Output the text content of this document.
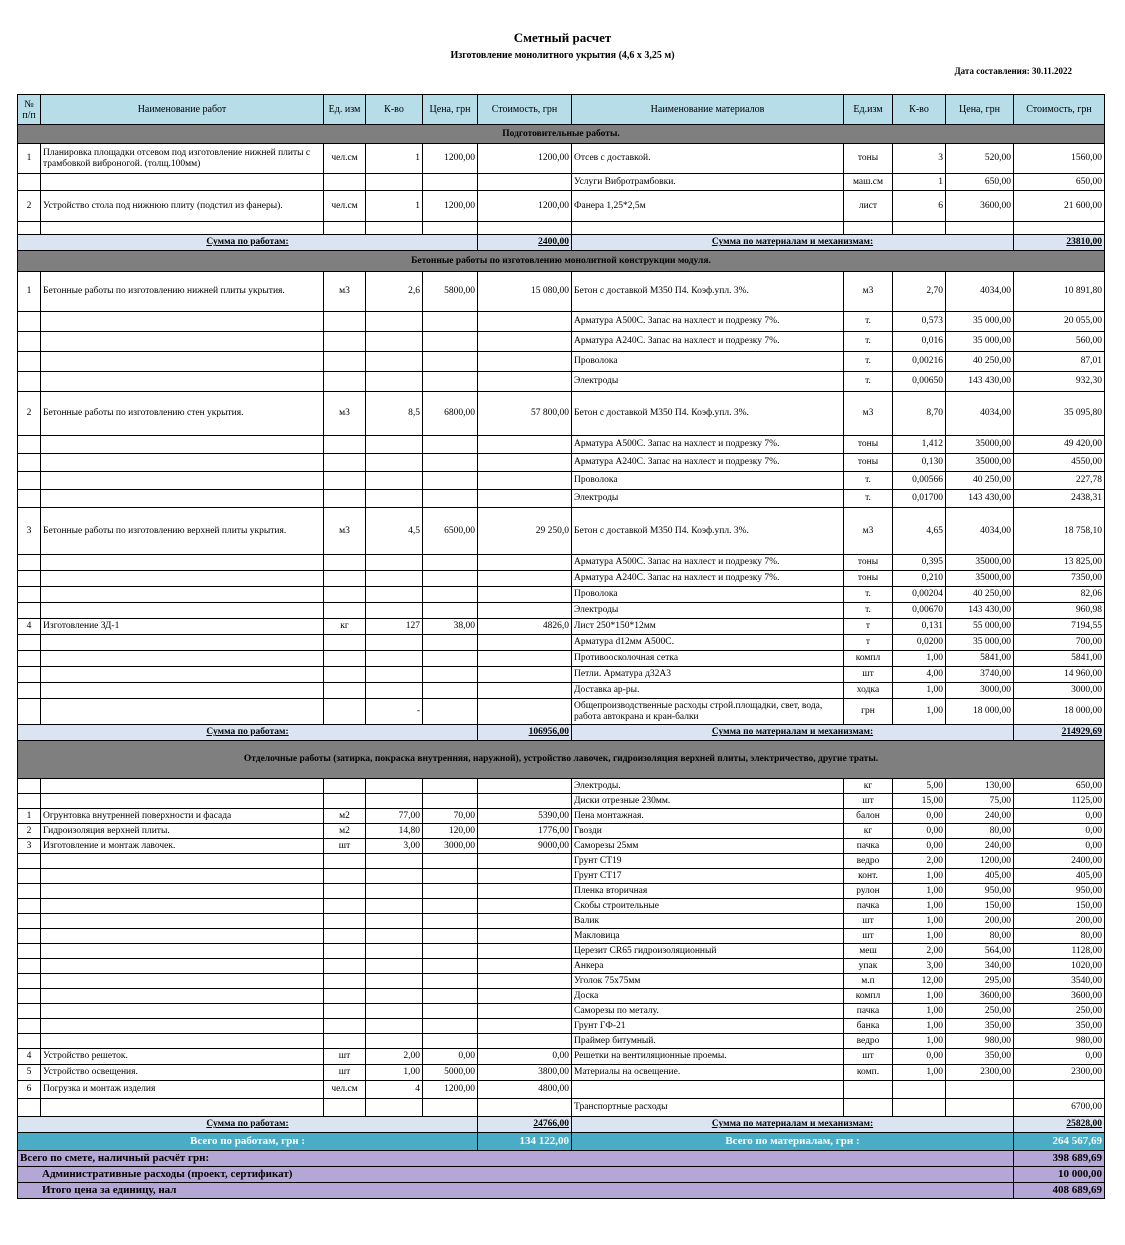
Сметный расчет
Изготовление монолитного укрытия (4,6 х 3,25 м)
Дата составления: 30.11.2022
№ п/п	Наименование работ	Ед. изм	К-во	Цена, грн	Стоимость, грн	Наименование материалов	Ед.изм	К-во	Цена, грн	Стоимость, грн
Подготовительные работы.										
1	Планировка площадки отсевом под изготовление нижней плиты с трамбовкой виброногой. (толщ.100мм)	чел.см	1	1200,00	1200,00	Отсев с доставкой.	тоны	3	520,00	1560,00
						Услуги Вибротрамбовки.	маш.см	1	650,00	650,00
2	Устройство стола под нижнюю плиту (подстил из фанеры).	чел.см	1	1200,00	1200,00	Фанера 1,25*2,5м	лист	6	3600,00	21 600,00

Сумма по работам:					2400,00	Сумма по материалам и механизмам:				23810,00
Бетонные работы по изготовлению монолитной конструкции модуля.										
1	Бетонные работы по изготовлению нижней плиты укрытия.	м3	2,6	5800,00	15 080,00	Бетон с доставкой М350 П4. Коэф.упл. 3%.	м3	2,70	4034,00	10 891,80
						Арматура А500С. Запас на нахлест и подрезку 7%.	т.	0,573	35 000,00	20 055,00
						Арматура А240С. Запас на нахлест и подрезку 7%.	т.	0,016	35 000,00	560,00
						Проволока	т.	0,00216	40 250,00	87,01
						Электроды	т.	0,00650	143 430,00	932,30
2	Бетонные работы по изготовлению стен укрытия.	м3	8,5	6800,00	57 800,00	Бетон с доставкой М350 П4. Коэф.упл. 3%.	м3	8,70	4034,00	35 095,80
						Арматура А500С. Запас на нахлест и подрезку 7%.	тоны	1,412	35000,00	49 420,00
						Арматура А240С. Запас на нахлест и подрезку 7%.	тоны	0,130	35000,00	4550,00
						Проволока	т.	0,00566	40 250,00	227,78
						Электроды	т.	0,01700	143 430,00	2438,31
3	Бетонные работы по изготовлению верхней плиты укрытия.	м3	4,5	6500,00	29 250,0	Бетон с доставкой М350 П4. Коэф.упл. 3%.	м3	4,65	4034,00	18 758,10
						Арматура А500С. Запас на нахлест и подрезку 7%.	тоны	0,395	35000,00	13 825,00
						Арматура А240С. Запас на нахлест и подрезку 7%.	тоны	0,210	35000,00	7350,00
						Проволока	т.	0,00204	40 250,00	82,06
						Электроды	т.	0,00670	143 430,00	960,98
4	Изготовление ЗД-1	кг	127	38,00	4826,0	Лист 250*150*12мм	т	0,131	55 000,00	7194,55
						Арматура d12мм А500С.	т	0,0200	35 000,00	700,00
						Противоосколочная сетка	компл	1,00	5841,00	5841,00
						Петли. Арматура д32А3	шт	4,00	3740,00	14 960,00
						Доставка ар-ры.	ходка	1,00	3000,00	3000,00
			-			Общепроизводственные расходы строй.площадки, свет, вода, работа автокрана и кран-балки	грн	1,00	18 000,00	18 000,00
Сумма по работам:					106956,00	Сумма по материалам и механизмам:				214929,69
Отделочные работы (затирка, покраска внутренняя, наружной), устройство лавочек, гидроизоляция верхней плиты, электричество, другие траты.										
						Электроды.	кг	5,00	130,00	650,00
						Диски отрезные 230мм.	шт	15,00	75,00	1125,00
1	Огрунтовка внутренней поверхности и фасада	м2	77,00	70,00	5390,00	Пена монтажная.	балон	0,00	240,00	0,00
2	Гидроизоляция верхней плиты.	м2	14,80	120,00	1776,00	Гвозди	кг	0,00	80,00	0,00
3	Изготовление и монтаж лавочек.	шт	3,00	3000,00	9000,00	Саморезы 25мм	пачка	0,00	240,00	0,00
						Грунт СТ19	ведро	2,00	1200,00	2400,00
						Грунт СТ17	конт.	1,00	405,00	405,00
						Пленка вторичная	рулон	1,00	950,00	950,00
						Скобы строительные	пачка	1,00	150,00	150,00
						Валик	шт	1,00	200,00	200,00
						Макловица	шт	1,00	80,00	80,00
						Церезит CR65 гидроизоляционный	меш	2,00	564,00	1128,00
						Анкера	упак	3,00	340,00	1020,00
						Уголок 75х75мм	м.п	12,00	295,00	3540,00
						Доска	компл	1,00	3600,00	3600,00
						Саморезы по металу.	пачка	1,00	250,00	250,00
						Грунт ГФ-21	банка	1,00	350,00	350,00
						Праймер битумный.	ведро	1,00	980,00	980,00
4	Устройство решеток.	шт	2,00	0,00	0,00	Решетки на вентиляционные проемы.	шт	0,00	350,00	0,00
5	Устройство освещения.	шт	1,00	5000,00	3800,00	Материалы на освещение.	комп.	1,00	2300,00	2300,00
6	Погрузка и монтаж изделия	чел.см	4	1200,00	4800,00					
						Транспортные расходы				6700,00
Сумма по работам:					24766,00	Сумма по материалам и механизмам:				25828,00
Всего по работам, грн :					134 122,00	Всего по материалам, грн :				264 567,69
Всего по смете, наличный расчёт грн:										398 689,69
Административные расходы (проект, сертификат)										10 000,00
Итого цена за единицу, нал										408 689,69
